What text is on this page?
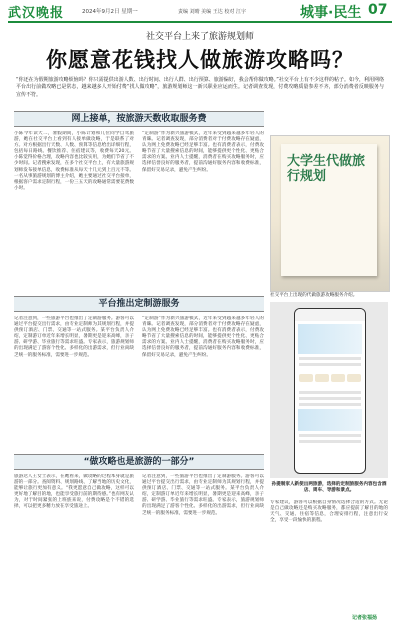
武汉晚报	2024年9月2日 星期一	责编 刘晴 美编 王达 校对 江宇	城事·民生 07
社交平台上来了旅游规划师
你愿意花钱找人做旅游攻略吗？
“你还在为假期旅游攻略烦恼吗？你只需提供出游人数、出行时间、出行人群、出行预算、旅游偏好，我会帮你做攻略。”社交平台上有不少这样的帖子。如今，利用网络平台出行前做攻略已是常态，越来越多人开始付费“找人做攻略”，旅游规划师这一新兴职业应运而生。记者调查发现，付费攻略质量参差不齐，部分消费者反映服务与宣传不符。
网上接单，按旅游天数收取服务费
小陈今年读大二，暑假期间，小陈计划和几位同学自驾旅游，她在社交平台上看到有人接单做攻略，于是联系了对方。对方根据出行天数、人数、预算等信息给出详细行程，包括每日路线、餐饮推荐、住宿建议等，收费每天20元。小陈觉得价格合理，攻略内容也比较实用，为她们节省了不少时间。记者搜索发现，在多个社交平台上，有大量旅游规划师发布接单信息，收费标准从每天十几元到上百元不等。一名从事旅游规划的博主介绍，她主要通过社交平台接单，根据客户需求定制行程，一份三五天的攻略通常需要花费数小时。
“定制游”作为新兴旅游模式，近年来受到越来越多年轻人的青睐。记者调查发现，部分消费者对于付费攻略存在疑虑，认为网上免费攻略已经足够丰富。也有消费者表示，付费攻略节省了大量搜索信息的时间，能够提供更个性化、更贴合需求的方案。业内人士提醒，消费者在购买攻略服务时，应选择信誉良好的服务者，提前沟通好服务内容和收费标准，保留好交易记录，避免产生纠纷。
大学生代做旅行规划
社交平台上出现的代做旅游攻略服务介绍。
平台推出定制游服务
记者注意到，一些旅游平台也推出了定制游服务。游客可以通过平台提交出行需求，由专业定制师为其规划行程，并提供预订酒店、门票、交通等一站式服务。某平台负责人介绍，定制游订单近年来增长明显，暑期更是迎来高峰，亲子游、研学游、毕业旅行等需求旺盛。专家表示，旅游规划师的出现满足了游客个性化、多样化的出游需求，但行业尚缺乏统一的服务标准，需要进一步规范。
“定制游”作为新兴旅游模式，近年来受到越来越多年轻人的青睐。记者调查发现，部分消费者对于付费攻略存在疑虑，认为网上免费攻略已经足够丰富。也有消费者表示，付费攻略节省了大量搜索信息的时间，能够提供更个性化、更贴合需求的方案。业内人士提醒，消费者在购买攻略服务时，应选择信誉良好的服务者，提前沟通好服务内容和收费标准，保留好交易记录，避免产生纠纷。
孙提制家人新使出两旅游，选择的定制旅服务内容包含酒店、周车、导游和景点。
“做攻略也是旅游的一部分”
旅游达人王女士表示，在她看来，做攻略的过程本身就是旅游的一部分。查阅资料、规划路线、了解当地的历史文化，能够让旅行更加有意义。“我更愿意自己做攻略，这样可以更好地了解目的地，也能享受旅行前的期待感。”也有网友认为，对于时间紧张的上班族来说，付费攻略是个不错的选择，可以把更多精力放在享受旅途上。
记者注意到，一些旅游平台也推出了定制游服务。游客可以通过平台提交出行需求，由专业定制师为其规划行程，并提供预订酒店、门票、交通等一站式服务。某平台负责人介绍，定制游订单近年来增长明显，暑期更是迎来高峰，亲子游、研学游、毕业旅行等需求旺盛。专家表示，旅游规划师的出现满足了游客个性化、多样化的出游需求，但行业尚缺乏统一的服务标准，需要进一步规范。
专家建议，游客可以根据自身情况选择合适的方式。无论是自己做攻略还是购买攻略服务，都应提前了解目的地的天气、交通、住宿等信息，合理安排行程，注意出行安全，享受一段愉快的旅程。
记者张福扬
